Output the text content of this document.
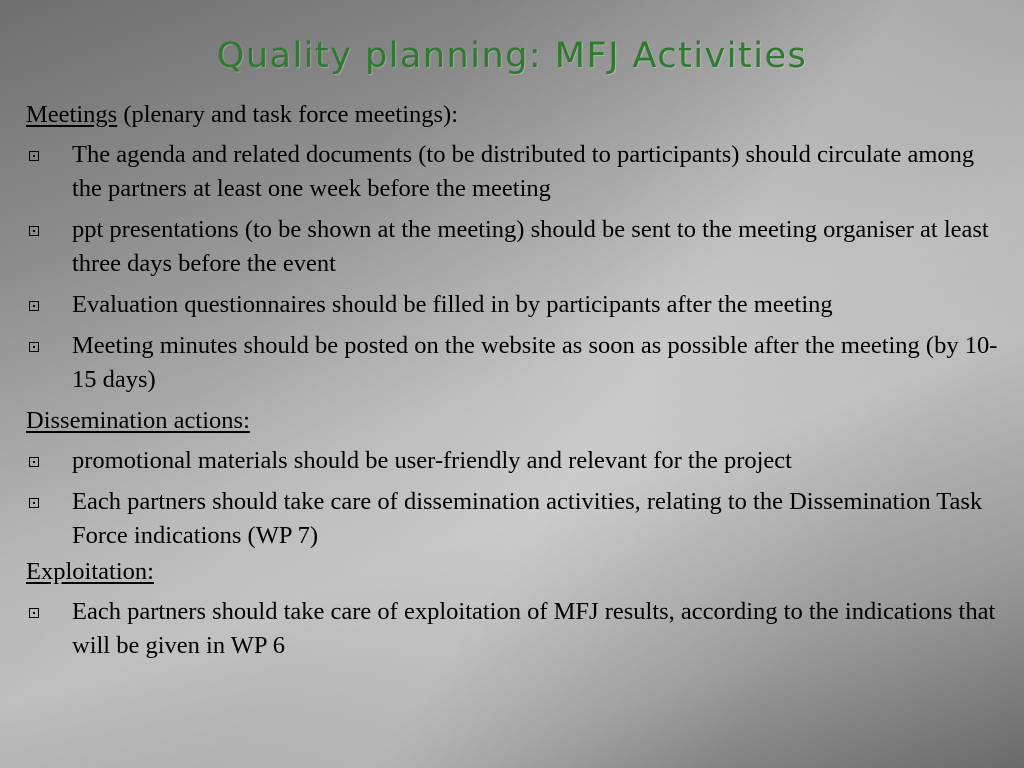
Quality planning: MFJ Activities

Meetings (plenary and task force meetings):

The agenda and related documents (to be distributed to participants) should circulate among the partners at least one week before the meeting
ppt presentations (to be shown at the meeting) should be sent to the meeting organiser at least three days before the event
Evaluation questionnaires should be filled in by participants after the meeting
Meeting minutes should be posted on the website as soon as possible after the meeting (by 10-15 days)

Dissemination actions:

promotional materials should be user-friendly and relevant for the project
Each partners should take care of dissemination activities, relating to the Dissemination Task Force indications (WP 7)

Exploitation:

Each partners should take care of exploitation of MFJ results, according to the indications that will be given in WP 6
